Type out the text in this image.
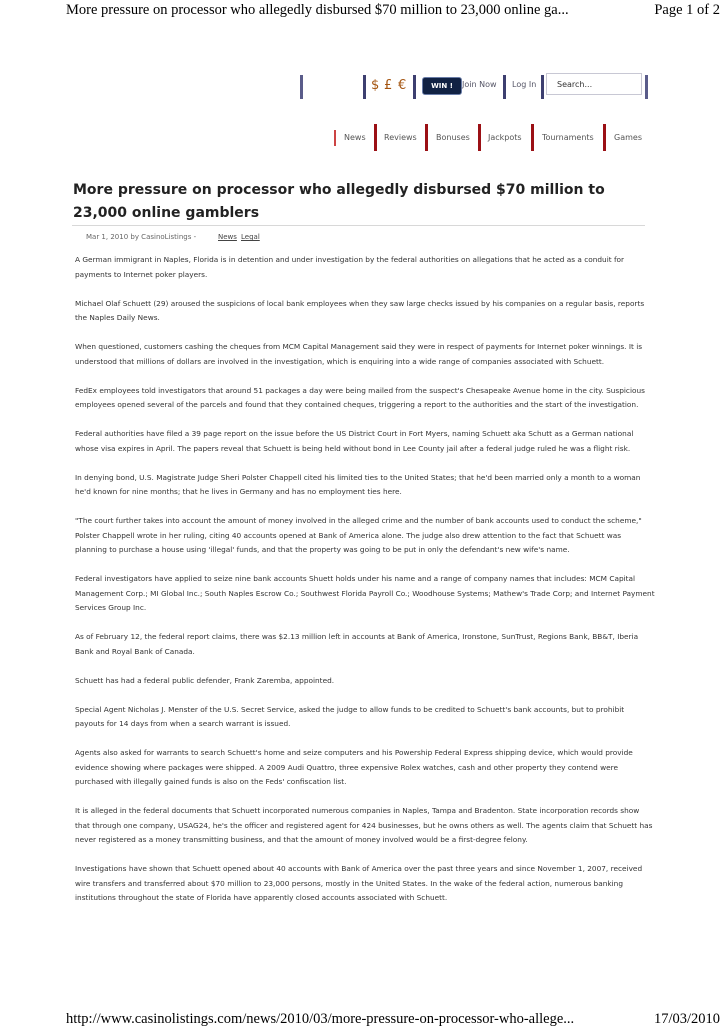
More pressure on processor who allegedly disbursed $70 million to 23,000 online ga...	Page 1 of 2
$ £ €	WIN !	Join Now Log In	Search...
News Reviews Bonuses Jackpots	Tournaments	Games
More pressure on processor who allegedly disbursed $70 million to 23,000 online gamblers
Mar 1, 2010 by CasinoListings -	News Legal

A German immigrant in Naples, Florida is in detention and under investigation by the federal authorities on allegations that he acted as a conduit for payments to Internet poker players.

Michael Olaf Schuett (29) aroused the suspicions of local bank employees when they saw large checks issued by his companies on a regular basis, reports the Naples Daily News.

When questioned, customers cashing the cheques from MCM Capital Management said they were in respect of payments for Internet poker winnings. It is understood that millions of dollars are involved in the investigation, which is enquiring into a wide range of companies associated with Schuett.

FedEx employees told investigators that around 51 packages a day were being mailed from the suspect's Chesapeake Avenue home in the city. Suspicious employees opened several of the parcels and found that they contained cheques, triggering a report to the authorities and the start of the investigation.

Federal authorities have filed a 39 page report on the issue before the US District Court in Fort Myers, naming Schuett aka Schutt as a German national whose visa expires in April. The papers reveal that Schuett is being held without bond in Lee County jail after a federal judge ruled he was a flight risk.

In denying bond, U.S. Magistrate Judge Sheri Polster Chappell cited his limited ties to the United States; that he'd been married only a month to a woman he'd known for nine months; that he lives in Germany and has no employment ties here.

"The court further takes into account the amount of money involved in the alleged crime and the number of bank accounts used to conduct the scheme," Polster Chappell wrote in her ruling, citing 40 accounts opened at Bank of America alone. The judge also drew attention to the fact that Schuett was planning to purchase a house using 'illegal' funds, and that the property was going to be put in only the defendant's new wife's name.

Federal investigators have applied to seize nine bank accounts Shuett holds under his name and a range of company names that includes: MCM Capital Management Corp.; MI Global Inc.; South Naples Escrow Co.; Southwest Florida Payroll Co.; Woodhouse Systems; Mathew's Trade Corp; and Internet Payment Services Group Inc.

As of February 12, the federal report claims, there was $2.13 million left in accounts at Bank of America, Ironstone, SunTrust, Regions Bank, BB&T, Iberia Bank and Royal Bank of Canada.

Schuett has had a federal public defender, Frank Zaremba, appointed.

Special Agent Nicholas J. Menster of the U.S. Secret Service, asked the judge to allow funds to be credited to Schuett's bank accounts, but to prohibit payouts for 14 days from when a search warrant is issued.

Agents also asked for warrants to search Schuett's home and seize computers and his Powership Federal Express shipping device, which would provide evidence showing where packages were shipped. A 2009 Audi Quattro, three expensive Rolex watches, cash and other property they contend were purchased with illegally gained funds is also on the Feds' confiscation list.

It is alleged in the federal documents that Schuett incorporated numerous companies in Naples, Tampa and Bradenton. State incorporation records show that through one company, USAG24, he's the officer and registered agent for 424 businesses, but he owns others as well. The agents claim that Schuett has never registered as a money transmitting business, and that the amount of money involved would be a first-degree felony.

Investigations have shown that Schuett opened about 40 accounts with Bank of America over the past three years and since November 1, 2007, received wire transfers and transferred about $70 million to 23,000 persons, mostly in the United States. In the wake of the federal action, numerous banking institutions throughout the state of Florida have apparently closed accounts associated with Schuett.

http://www.casinolistings.com/news/2010/03/more-pressure-on-processor-who-allege...	17/03/2010
